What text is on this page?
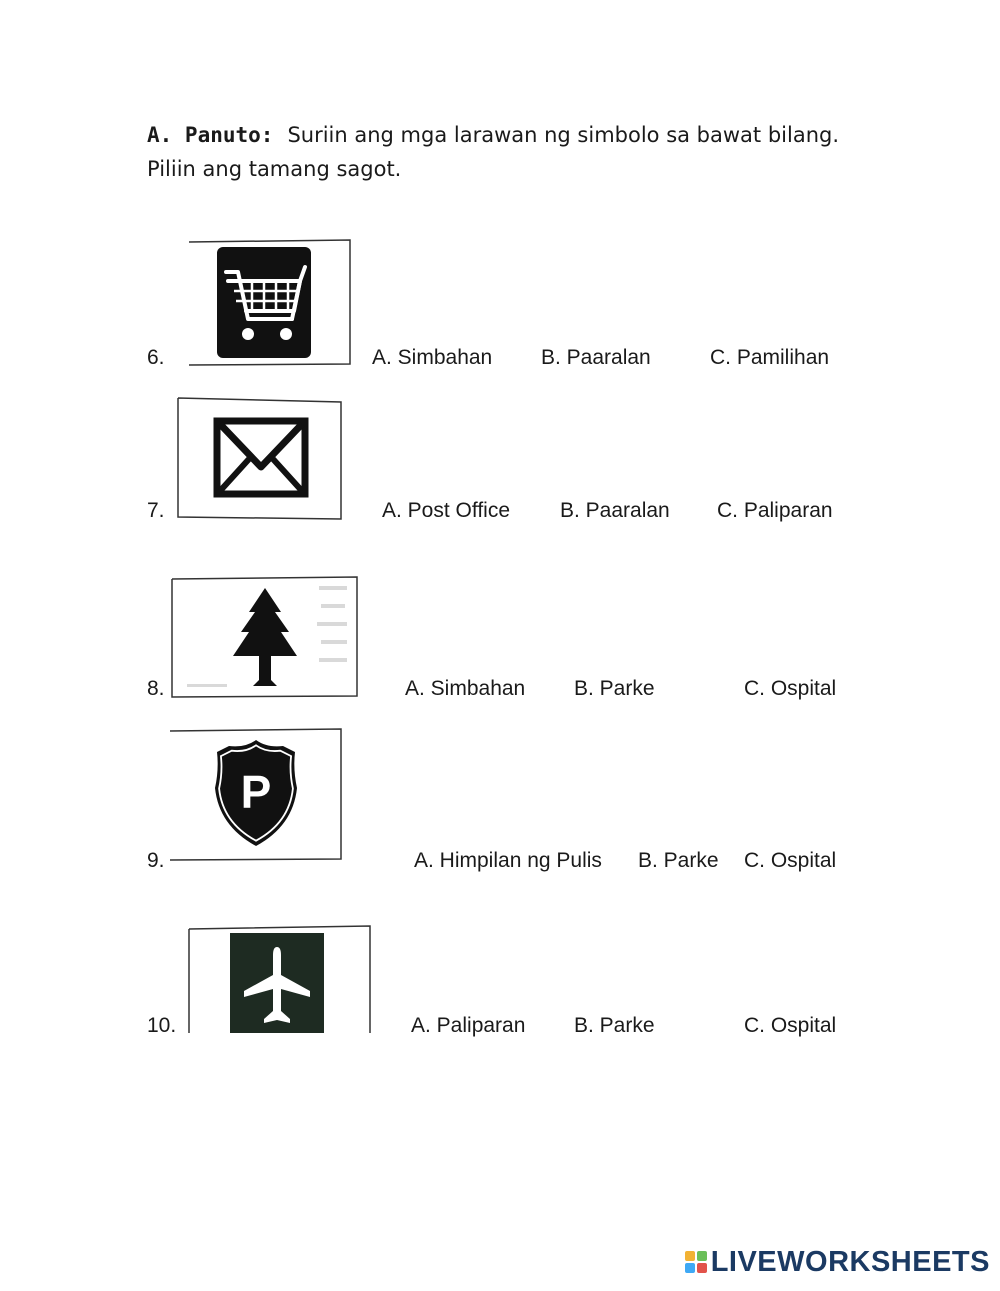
A. Panuto: Suriin ang mga larawan ng simbolo sa bawat bilang.
Piliin ang tamang sagot.
6.	A. Simbahan B. Paaralan	C. Pamilihan
7.	A. Post Office B. Paaralan C. Paliparan
8.	A. Simbahan B. Parke	C. Ospital
9.
P
A. Himpilan ng Pulis B. Parke C. Ospital
10.	A. Paliparan B. Parke	C. Ospital
LIVEWORKSHEETS
